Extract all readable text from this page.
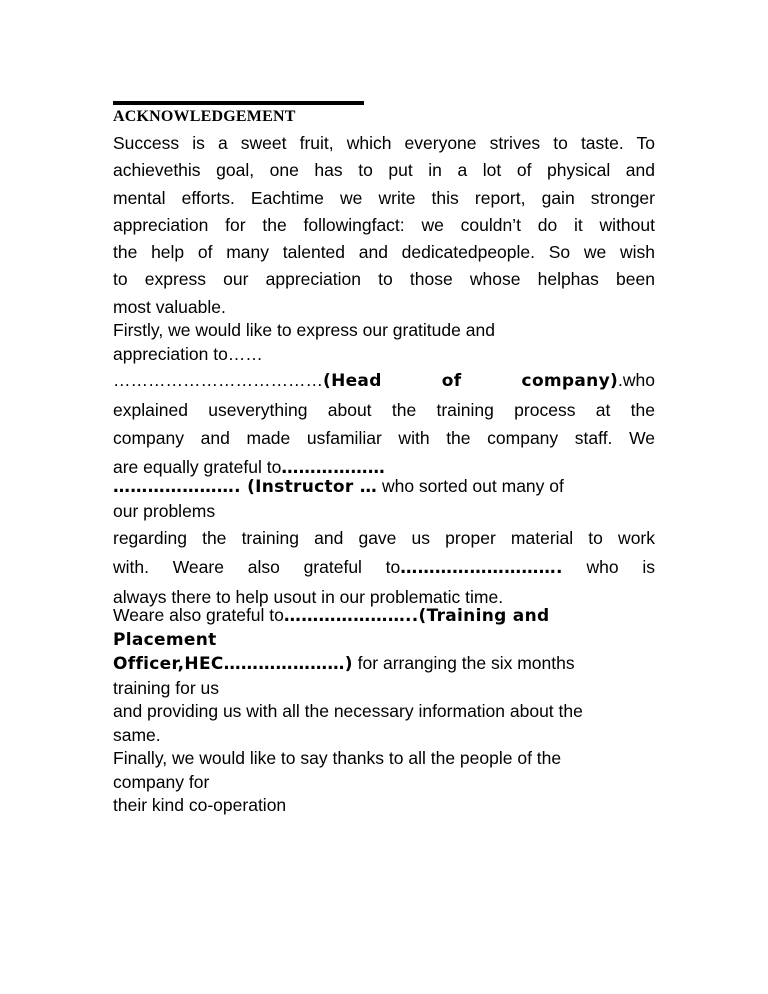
ACKNOWLEDGEMENT
Success is a sweet fruit, which everyone strives to taste. To
achievethis goal, one has to put in a lot of physical and
mental efforts. Eachtime we write this report, gain stronger
appreciation for the followingfact: we couldn’t do it without
the help of many talented and dedicatedpeople. So we wish
to express our appreciation to those whose helphas been
most valuable.
Firstly, we would like to express our gratitude and
appreciation to……
………………………………(Head of company).who
explained useverything about the training process at the
company and made usfamiliar with the company staff. We
are equally grateful to………………
…………………. (Instructor … who sorted out many of
our problems
regarding the training and gave us proper material to work
with. Weare also grateful to………………………. who is
always there to help usout in our problematic time.
Weare also grateful to…………………..(Training and
Placement
Officer,HEC…………………) for arranging the six months
training for us
and providing us with all the necessary information about the
same.
Finally, we would like to say thanks to all the people of the
company for
their kind co-operation
